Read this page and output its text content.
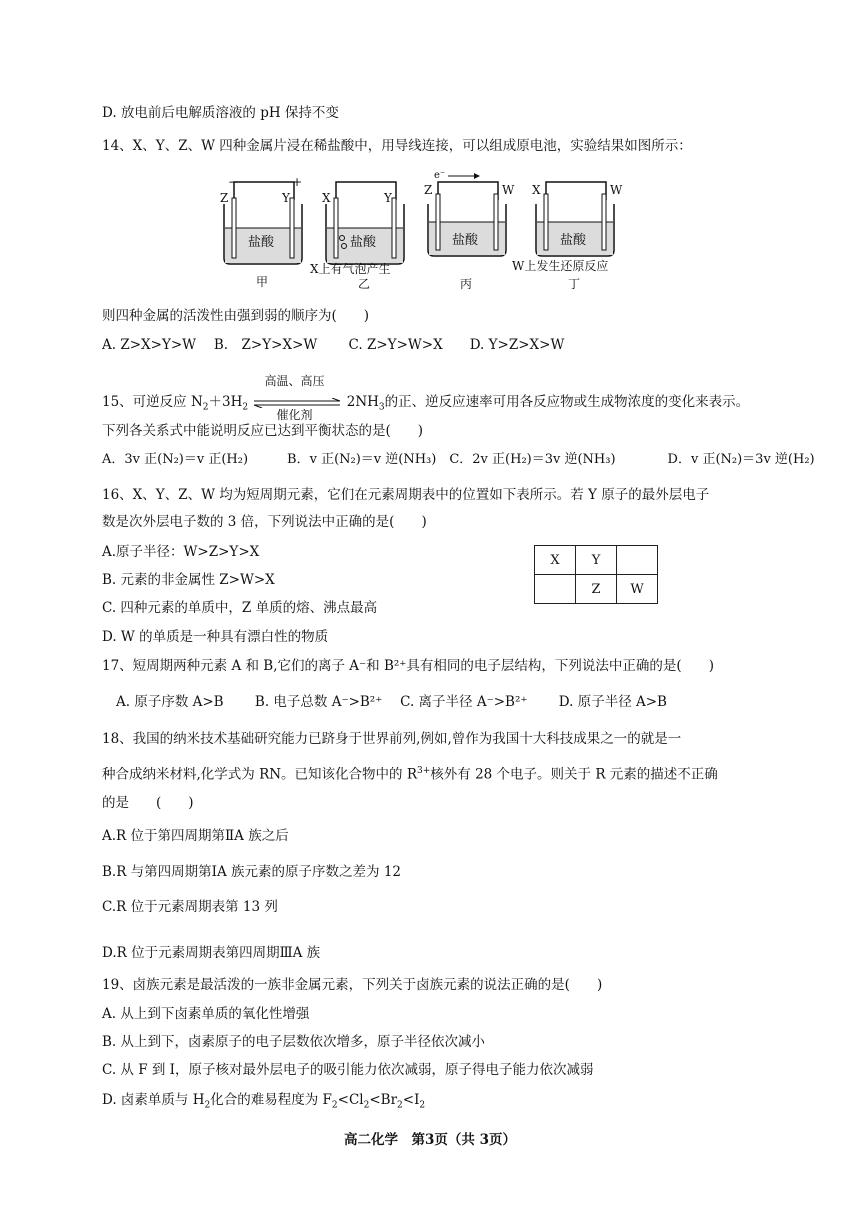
D. 放电前后电解质溶液的 pH 保持不变
14、X、Y、Z、W 四种金属片浸在稀盐酸中，用导线连接，可以组成原电池，实验结果如图所示：
−	+
Z	Y
盐酸
甲
X	Y
盐酸
X上有气泡产生
乙
e⁻
Z	W
盐酸
丙
X	W
盐酸
W上发生还原反应
丁
则四种金属的活泼性由强到弱的顺序为(　　)
A. Z>X>Y>W　 B.　Z>Y>X>W　　 C. Z>Y>W>X　　D. Y>Z>X>W
15、可逆反应 $N_2+3H_2$
高温、高压
催化剂
$2NH_3$的正、逆反应速率可用各反应物或生成物浓度的变化来表示。
下列各关系式中能说明反应已达到平衡状态的是(　　)
A．3v 正(N₂)＝v 正(H₂)　　　B．v 正(N₂)＝v 逆(NH₃)　C．2v 正(H₂)＝3v 逆(NH₃)　　　　D．v 正(N₂)＝3v 逆(H₂)
16、X、Y、Z、W 均为短周期元素，它们在元素周期表中的位置如下表所示。若 Y 原子的最外层电子
数是次外层电子数的 3 倍，下列说法中正确的是(　　)
A.原子半径：W>Z>Y>X
B. 元素的非金属性 Z>W>X
C. 四种元素的单质中，Z 单质的熔、沸点最高
D. W 的单质是一种具有漂白性的物质
X	Y	
	Z	W
17、短周期两种元素 A 和 B,它们的离子 A⁻和 B²⁺具有相同的电子层结构，下列说法中正确的是(　　)
A. 原子序数 A>B　　 B. 电子总数 A⁻>B²⁺　 C. 离子半径 A⁻>B²⁺　　 D. 原子半径 A>B
18、我国的纳米技术基础研究能力已跻身于世界前列,例如,曾作为我国十大科技成果之一的就是一
种合成纳米材料,化学式为 RN。已知该化合物中的 $R^{3+}$核外有 28 个电子。则关于 R 元素的描述不正确
的是　　(　　)
A.R 位于第四周期第ⅡA 族之后
B.R 与第四周期第ⅠA 族元素的原子序数之差为 12
C.R 位于元素周期表第 13 列
D.R 位于元素周期表第四周期ⅢA 族
19、卤族元素是最活泼的一族非金属元素，下列关于卤族元素的说法正确的是(　　)
A. 从上到下卤素单质的氧化性增强
B. 从上到下，卤素原子的电子层数依次增多，原子半径依次减小
C. 从 F 到 I，原子核对最外层电子的吸引能力依次减弱，原子得电子能力依次减弱
D. 卤素单质与 $H_2$化合的难易程度为 $F_2<Cl_2<Br_2<I_2$
高二化学　第3页（共 3页）
